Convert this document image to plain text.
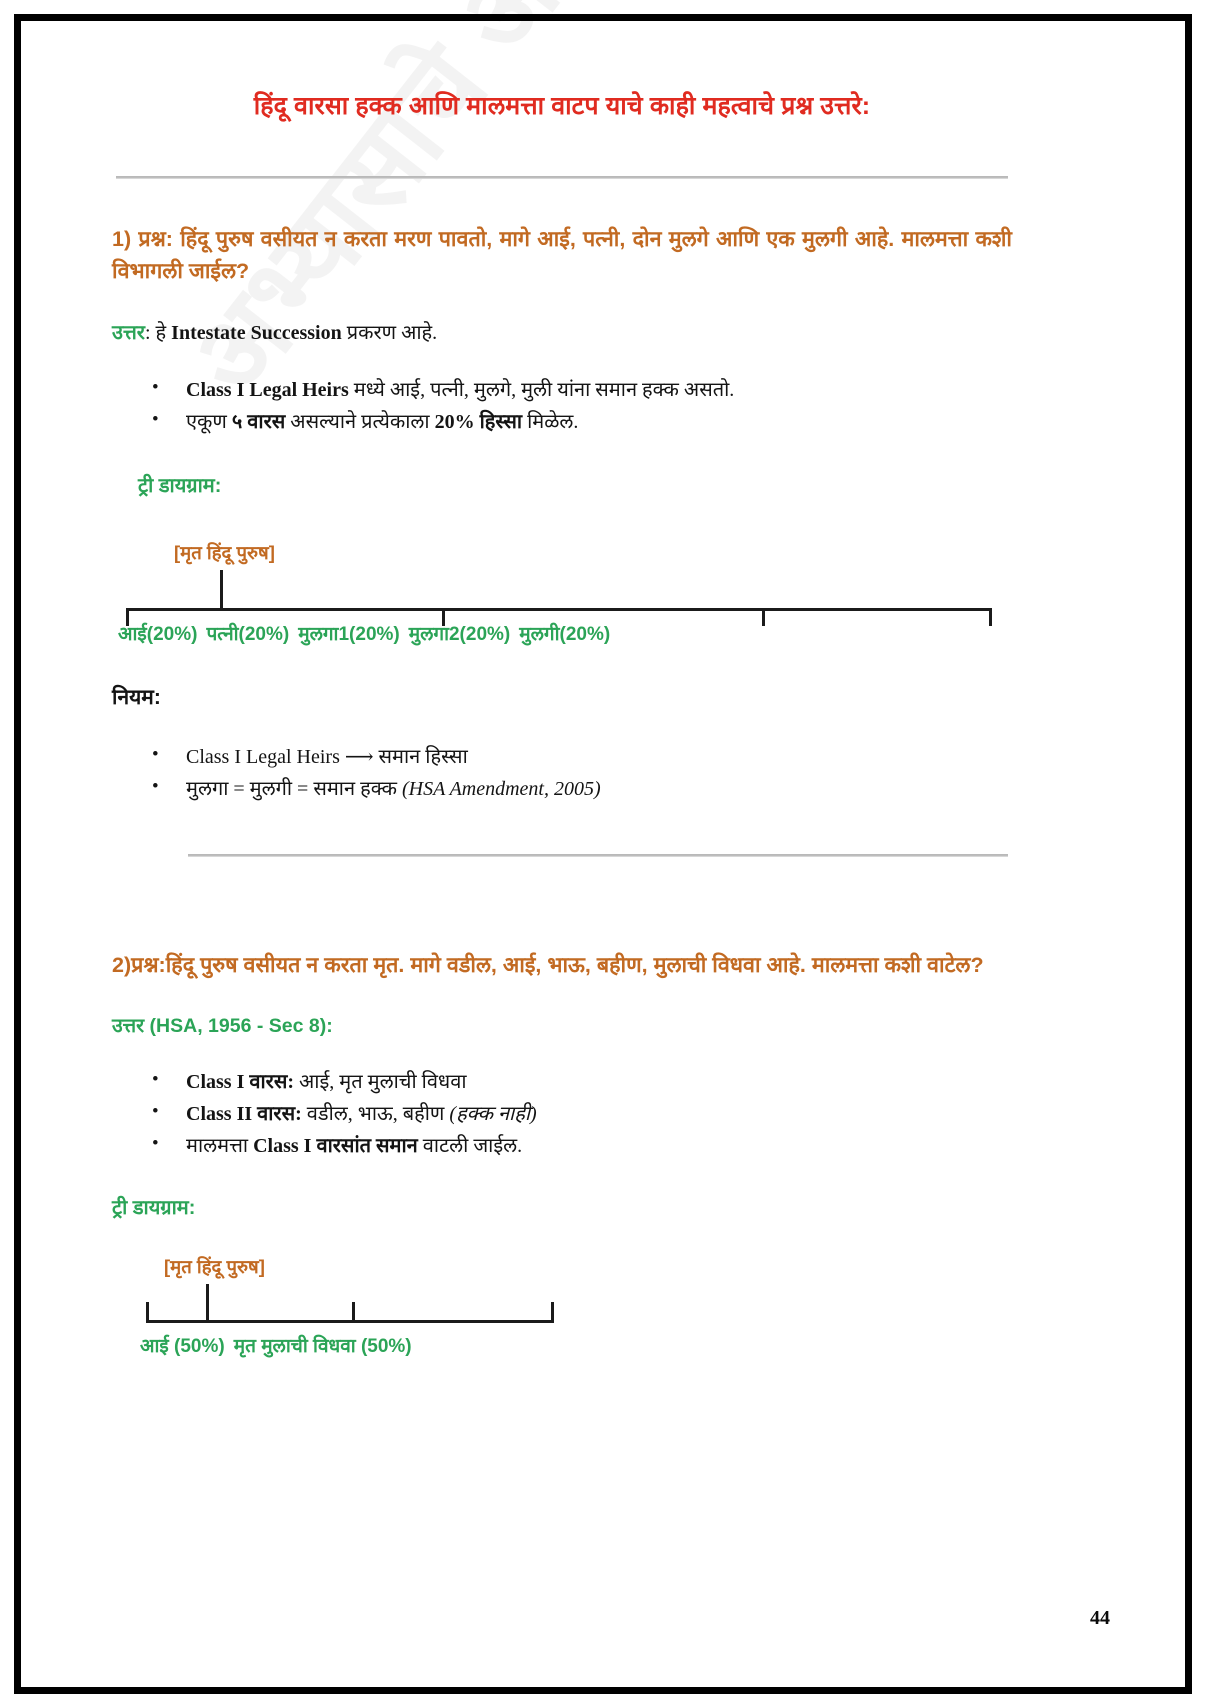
हिंदू वारसा हक्क आणि मालमत्ता वाटप याचे काही महत्वाचे प्रश्न उत्तरे:

1) प्रश्न: हिंदू पुरुष वसीयत न करता मरण पावतो, मागे आई, पत्नी, दोन मुलगे आणि एक मुलगी आहे. मालमत्ता कशी विभागली जाईल?

उत्तर: हे Intestate Succession प्रकरण आहे.

• Class I Legal Heirs मध्ये आई, पत्नी, मुलगे, मुली यांना समान हक्क असतो.
• एकूण ५ वारस असल्याने प्रत्येकाला 20% हिस्सा मिळेल.

ट्री डायग्राम:

[मृत हिंदू पुरुष]
आई(20%) पत्नी(20%) मुलगा1(20%) मुलगा2(20%) मुलगी(20%)

नियम:

• Class I Legal Heirs ⟶ समान हिस्सा
• मुलगा = मुलगी = समान हक्क (HSA Amendment, 2005)

2)प्रश्न:हिंदू पुरुष वसीयत न करता मृत. मागे वडील, आई, भाऊ, बहीण, मुलाची विधवा आहे. मालमत्ता कशी वाटेल?

उत्तर (HSA, 1956 - Sec 8):

• Class I वारस: आई, मृत मुलाची विधवा
• Class II वारस: वडील, भाऊ, बहीण (हक्क नाही)
• मालमत्ता Class I वारसांत समान वाटली जाईल.

ट्री डायग्राम:

[मृत हिंदू पुरुष]
आई (50%) मृत मुलाची विधवा (50%)
44
